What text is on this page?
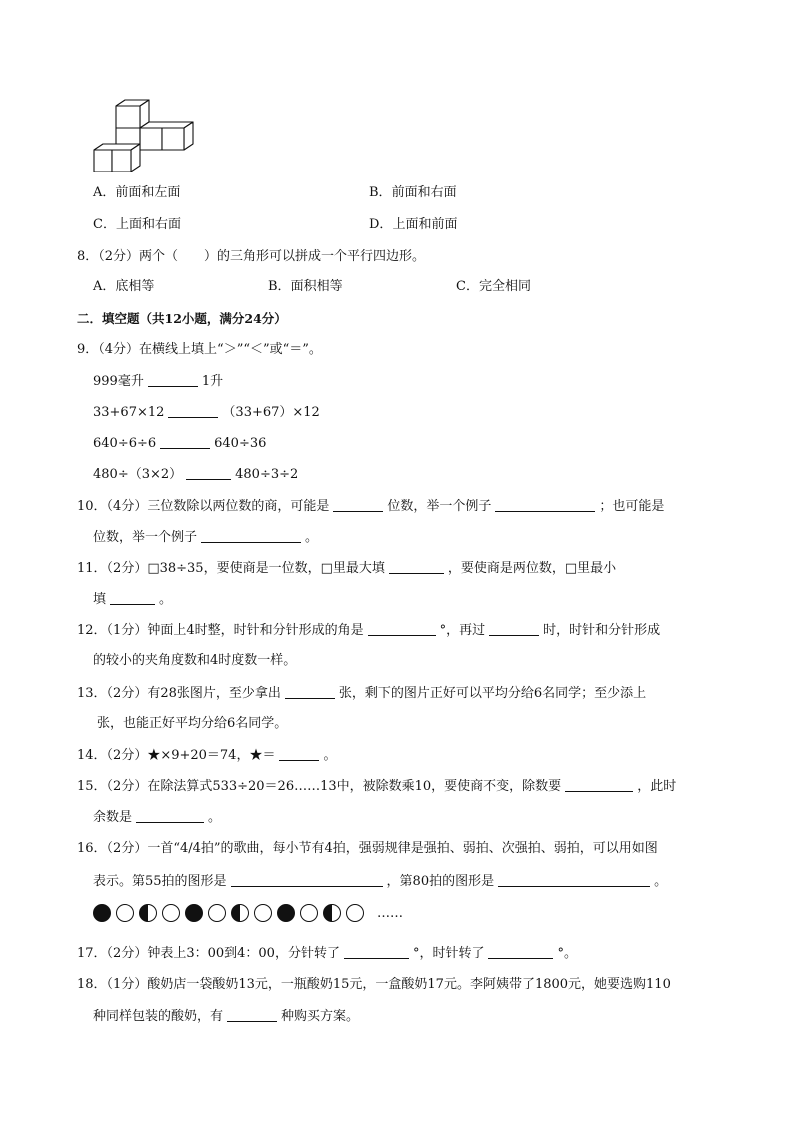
A．前面和左面	B．前面和右面
C．上面和右面	D．上面和前面
8．（2分）两个（　　）的三角形可以拼成一个平行四边形。
A．底相等	B．面积相等	C．完全相同
二．填空题（共12小题，满分24分）
9．（4分）在横线上填上“＞”“＜”或“＝”。
999毫升	1升
33+67×12	（33+67）×12
640÷6÷6	640÷36
480÷（3×2）	480÷3÷2
10．（4分）三位数除以两位数的商，可能是	位数，举一个例子	；也可能是
位数，举一个例子	。
11．（2分）□38÷35，要使商是一位数，□里最大填	，要使商是两位数，□里最小
填	。
12．（1分）钟面上4时整，时针和分针形成的角是	°，再过	时，时针和分针形成
的较小的夹角度数和4时度数一样。
13．（2分）有28张图片，至少拿出	张，剩下的图片正好可以平均分给6名同学；至少添上
张，也能正好平均分给6名同学。
14．（2分）★×9+20＝74，★＝	。
15．（2分）在除法算式533÷20＝26……13中，被除数乘10，要使商不变，除数要	，此时
余数是	。
16．（2分）一首“4/4拍”的歌曲，每小节有4拍，强弱规律是强拍、弱拍、次强拍、弱拍，可以用如图
表示。第55拍的图形是	，第80拍的图形是	。
……
17．（2分）钟表上3：00到4：00，分针转了	°，时针转了	°。
18．（1分）酸奶店一袋酸奶13元，一瓶酸奶15元，一盒酸奶17元。李阿姨带了1800元，她要选购110
种同样包装的酸奶，有	种购买方案。
